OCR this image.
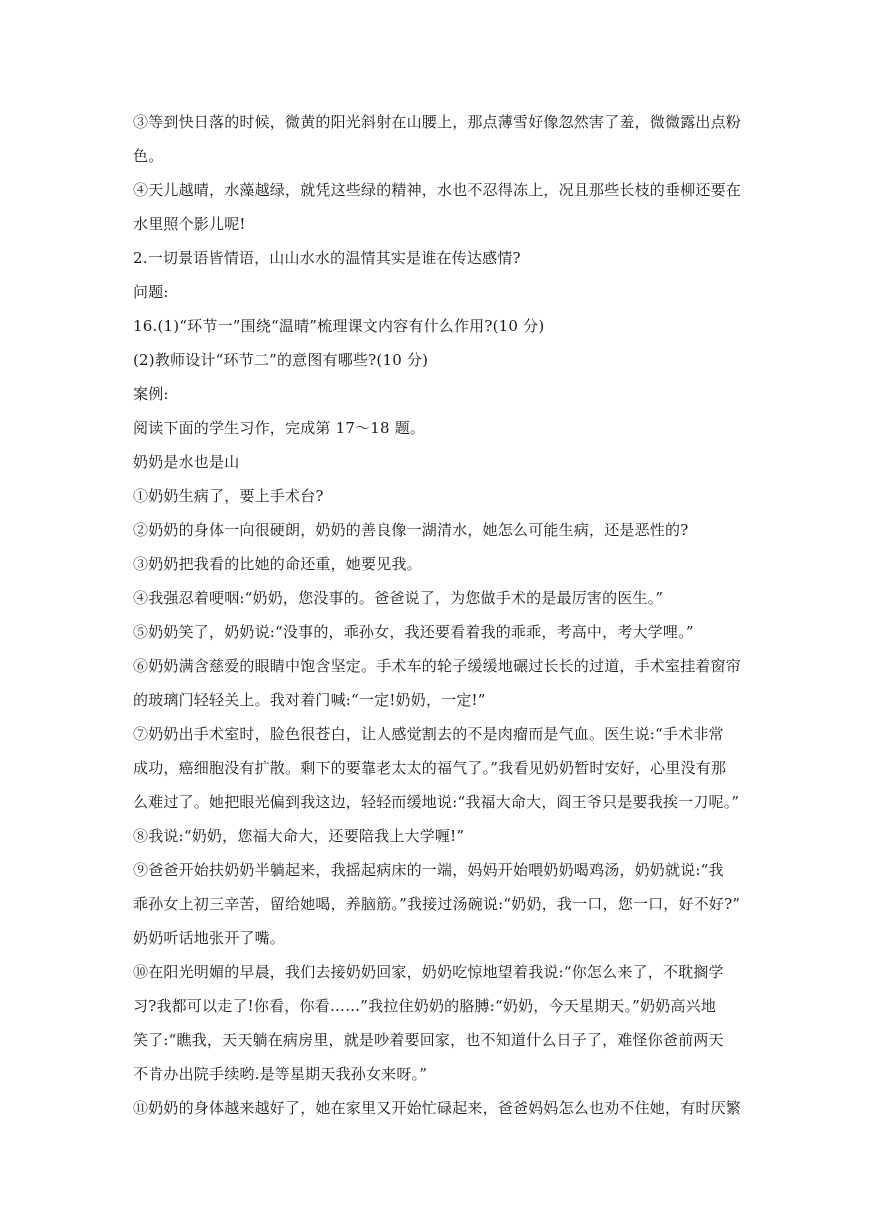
③等到快日落的时候，微黄的阳光斜射在山腰上，那点薄雪好像忽然害了羞，微微露出点粉
色。
④天儿越晴，水藻越绿，就凭这些绿的精神，水也不忍得冻上，况且那些长枝的垂柳还要在
水里照个影儿呢!
2.一切景语皆情语，山山水水的温情其实是谁在传达感情?
问题:
16.(1)“环节一”围绕“温晴”梳理课文内容有什么作用?(10 分)
(2)教师设计“环节二”的意图有哪些?(10 分)
案例:
阅读下面的学生习作，完成第 17～18 题。
奶奶是水也是山
①奶奶生病了，要上手术台?
②奶奶的身体一向很硬朗，奶奶的善良像一湖清水，她怎么可能生病，还是恶性的?
③奶奶把我看的比她的命还重，她要见我。
④我强忍着哽咽:“奶奶，您没事的。爸爸说了，为您做手术的是最厉害的医生。”
⑤奶奶笑了，奶奶说:“没事的，乖孙女，我还要看着我的乖乖，考高中，考大学哩。”
⑥奶奶满含慈爱的眼睛中饱含坚定。手术车的轮子缓缓地碾过长长的过道，手术室挂着窗帘
的玻璃门轻轻关上。我对着门喊:“一定!奶奶，一定!”
⑦奶奶出手术室时，脸色很苍白，让人感觉割去的不是肉瘤而是气血。医生说:“手术非常
成功，癌细胞没有扩散。剩下的要靠老太太的福气了。”我看见奶奶暂时安好，心里没有那
么难过了。她把眼光偏到我这边，轻轻而缓地说:“我福大命大，阎王爷只是要我挨一刀呢。”
⑧我说:“奶奶，您福大命大，还要陪我上大学喱!”
⑨爸爸开始扶奶奶半躺起来，我摇起病床的一端，妈妈开始喂奶奶喝鸡汤，奶奶就说:“我
乖孙女上初三辛苦，留给她喝，养脑筋。”我接过汤碗说:“奶奶，我一口，您一口，好不好?”
奶奶听话地张开了嘴。
⑩在阳光明媚的早晨，我们去接奶奶回家，奶奶吃惊地望着我说:“你怎么来了，不耽搁学
习?我都可以走了!你看，你看……”我拉住奶奶的胳膊:“奶奶，今天星期天。”奶奶高兴地
笑了:“瞧我，天天躺在病房里，就是吵着要回家，也不知道什么日子了，难怪你爸前两天
不肯办出院手续哟.是等星期天我孙女来呀。”
⑪奶奶的身体越来越好了，她在家里又开始忙碌起来，爸爸妈妈怎么也劝不住她，有时厌繁
